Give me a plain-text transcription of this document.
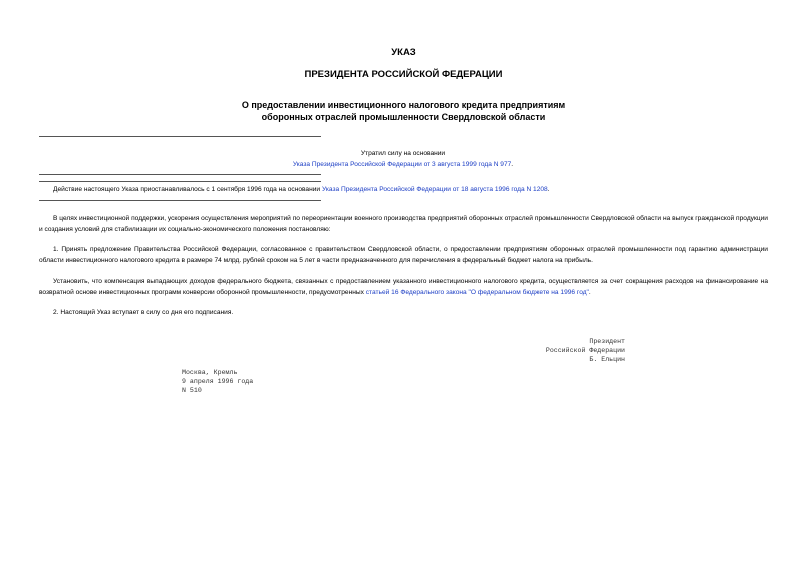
УКАЗ
ПРЕЗИДЕНТА РОССИЙСКОЙ ФЕДЕРАЦИИ
О предоставлении инвестиционного налогового кредита предприятиям
оборонных отраслей промышленности Свердловской области
Утратил силу на основании
Указа Президента Российской Федерации от 3 августа 1999 года N 977.
Действие настоящего Указа приостанавливалось с 1 сентября 1996 года на основании Указа Президента Российской Федерации от 18 августа 1996 года N 1208.
В целях инвестиционной поддержки, ускорения осуществления мероприятий по переориентации военного производства предприятий оборонных отраслей промышленности Свердловской области на выпуск гражданской продукции и создания условий для стабилизации их социально-экономического положения постановляю:
1. Принять предложение Правительства Российской Федерации, согласованное с правительством Свердловской области, о предоставлении предприятиям оборонных отраслей промышленности под гарантию администрации области инвестиционного налогового кредита в размере 74 млрд. рублей сроком на 5 лет в части предназначенного для перечисления в федеральный бюджет налога на прибыль.
Установить, что компенсация выпадающих доходов федерального бюджета, связанных с предоставлением указанного инвестиционного налогового кредита, осуществляется за счет сокращения расходов на финансирование на возвратной основе инвестиционных программ конверсии оборонной промышленности, предусмотренных статьей 16 Федерального закона "О федеральном бюджете на 1996 год".
2. Настоящий Указ вступает в силу со дня его подписания.
Президент
Российской Федерации
Б. Ельцин
Москва, Кремль
9 апреля 1996 года
N 510
